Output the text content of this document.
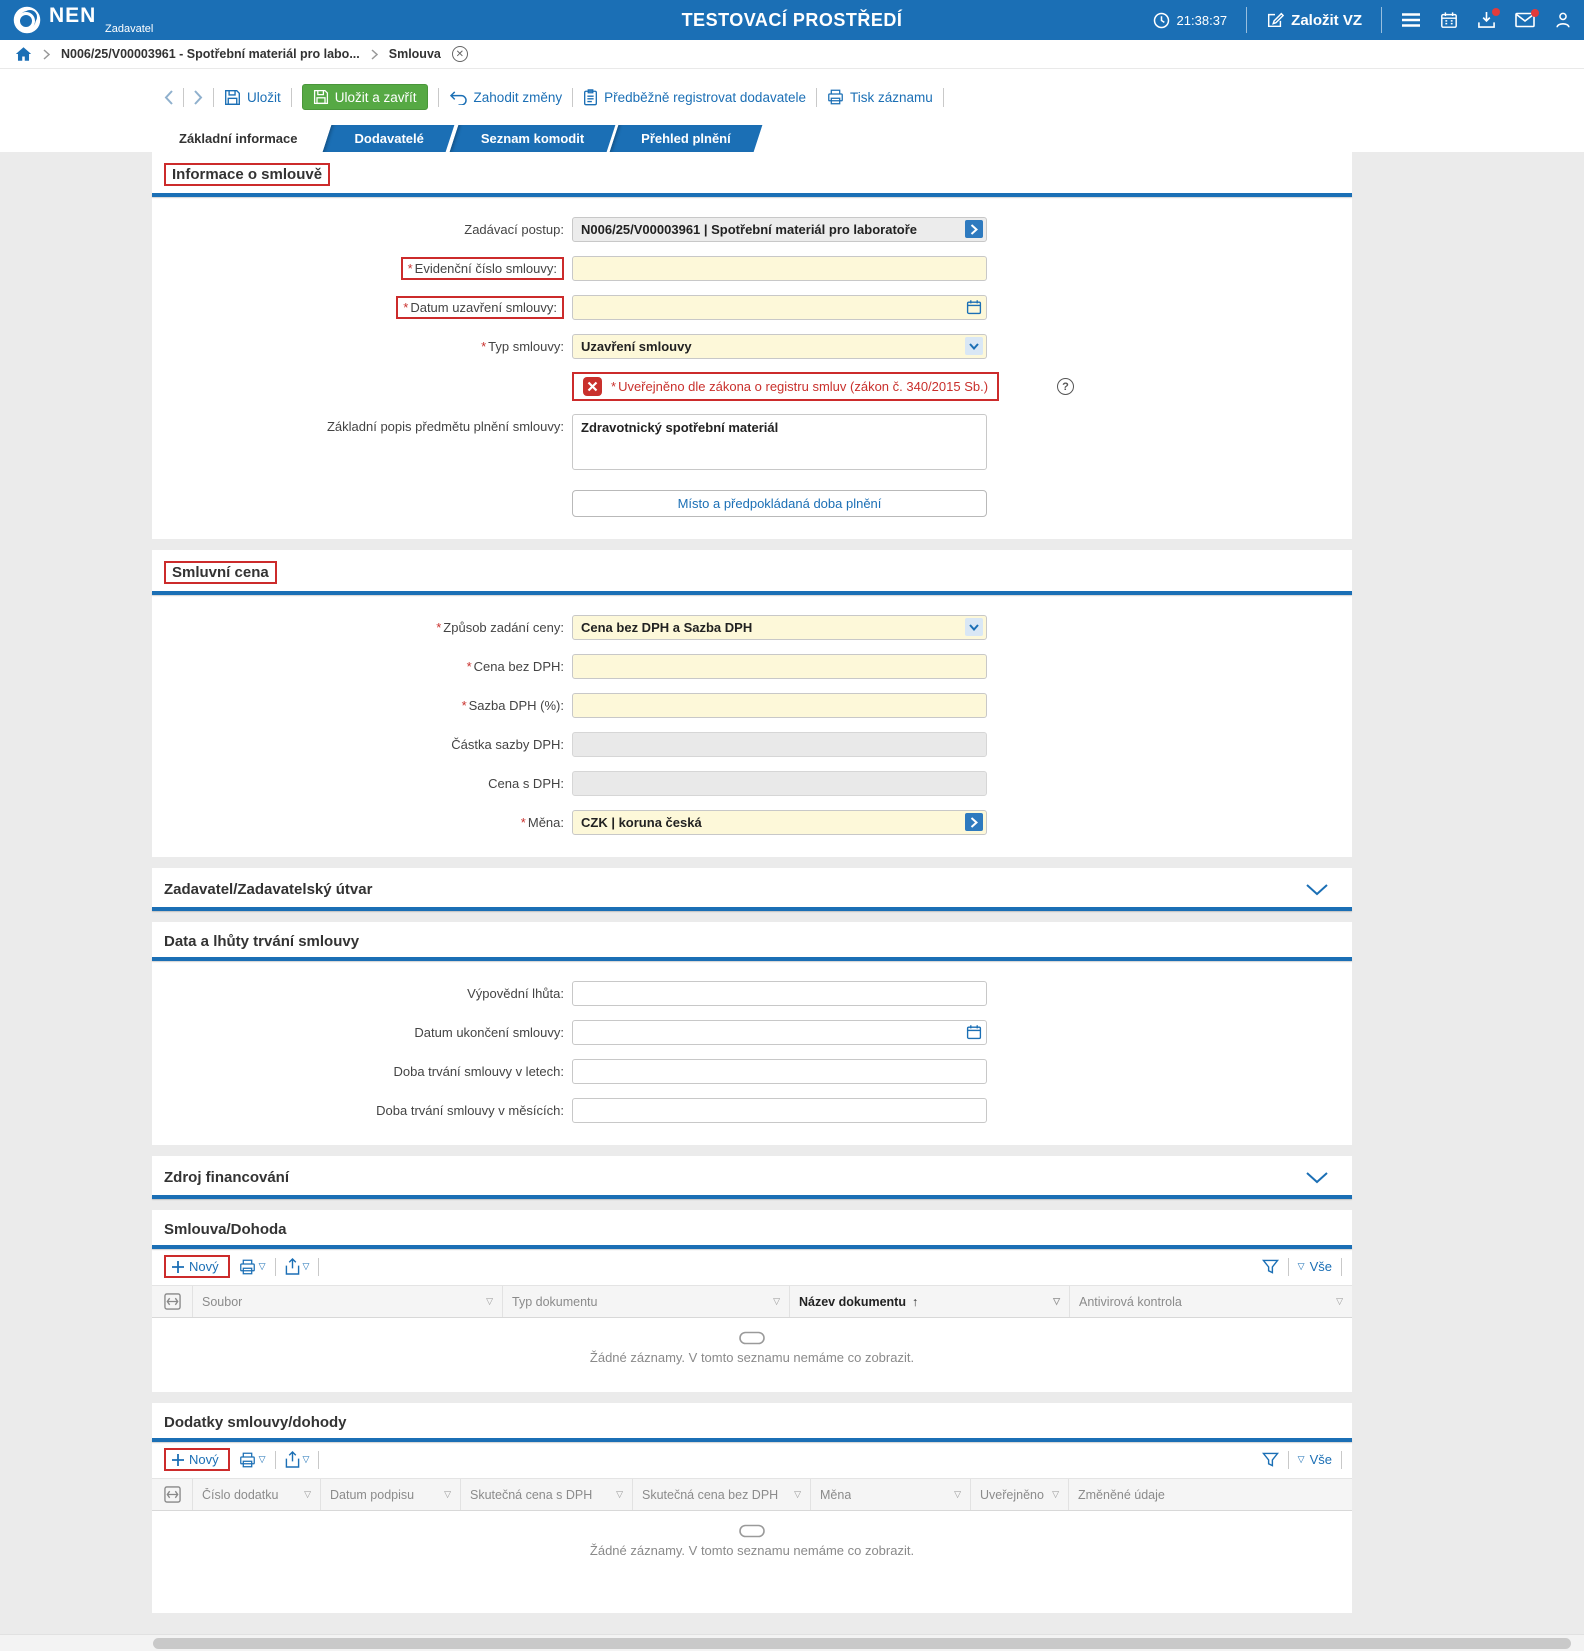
NEN
Zadavatel	TESTOVACÍ PROSTŘEDÍ	21:38:37	Založit VZ
N006/25/V00003961 - Spotřební materiál pro labo... Smlouva	✕
Uložit	Uložit a zavřít	Zahodit změny	Předběžně registrovat dodavatele	Tisk záznamu
Základní informace	Dodavatelé	Seznam komodit	Přehled plnění
Informace o smlouvě
Zadávací postup:
N006/25/V00003961 | Spotřební materiál pro laboratoře
* Evidenční číslo smlouvy:
* Datum uzavření smlouvy:
* Typ smlouvy:	Uzavření smlouvy
* Uveřejněno dle zákona o registru smluv (zákon č. 340/2015 Sb.)	?
Základní popis předmětu plnění smlouvy:	Zdravotnický spotřební materiál
Místo a předpokládaná doba plnění
Smluvní cena
* Způsob zadání ceny:	Cena bez DPH a Sazba DPH
* Cena bez DPH:
* Sazba DPH (%):
Částka sazby DPH:
Cena s DPH:
* Měna:
CZK | koruna česká
Zadavatel/Zadavatelský útvar
Data a lhůty trvání smlouvy
Výpovědní lhůta:
Datum ukončení smlouvy:
Doba trvání smlouvy v letech:
Doba trvání smlouvy v měsících:
Zdroj financování
Smlouva/Dohoda
Nový	▽	▽	▽ Vše
Soubor	▽ Typ dokumentu	▽ Název dokumentu ↑	▽ Antivirová kontrola	▽
Žádné záznamy. V tomto seznamu nemáme co zobrazit.
Dodatky smlouvy/dohody
Nový	▽	▽	▽ Vše
Číslo dodatku	▽ Datum podpisu	▽ Skutečná cena s DPH	▽ Skutečná cena bez DPH ▽ Měna	▽ Uveřejněno ▽ Změněné údaje
Žádné záznamy. V tomto seznamu nemáme co zobrazit.
